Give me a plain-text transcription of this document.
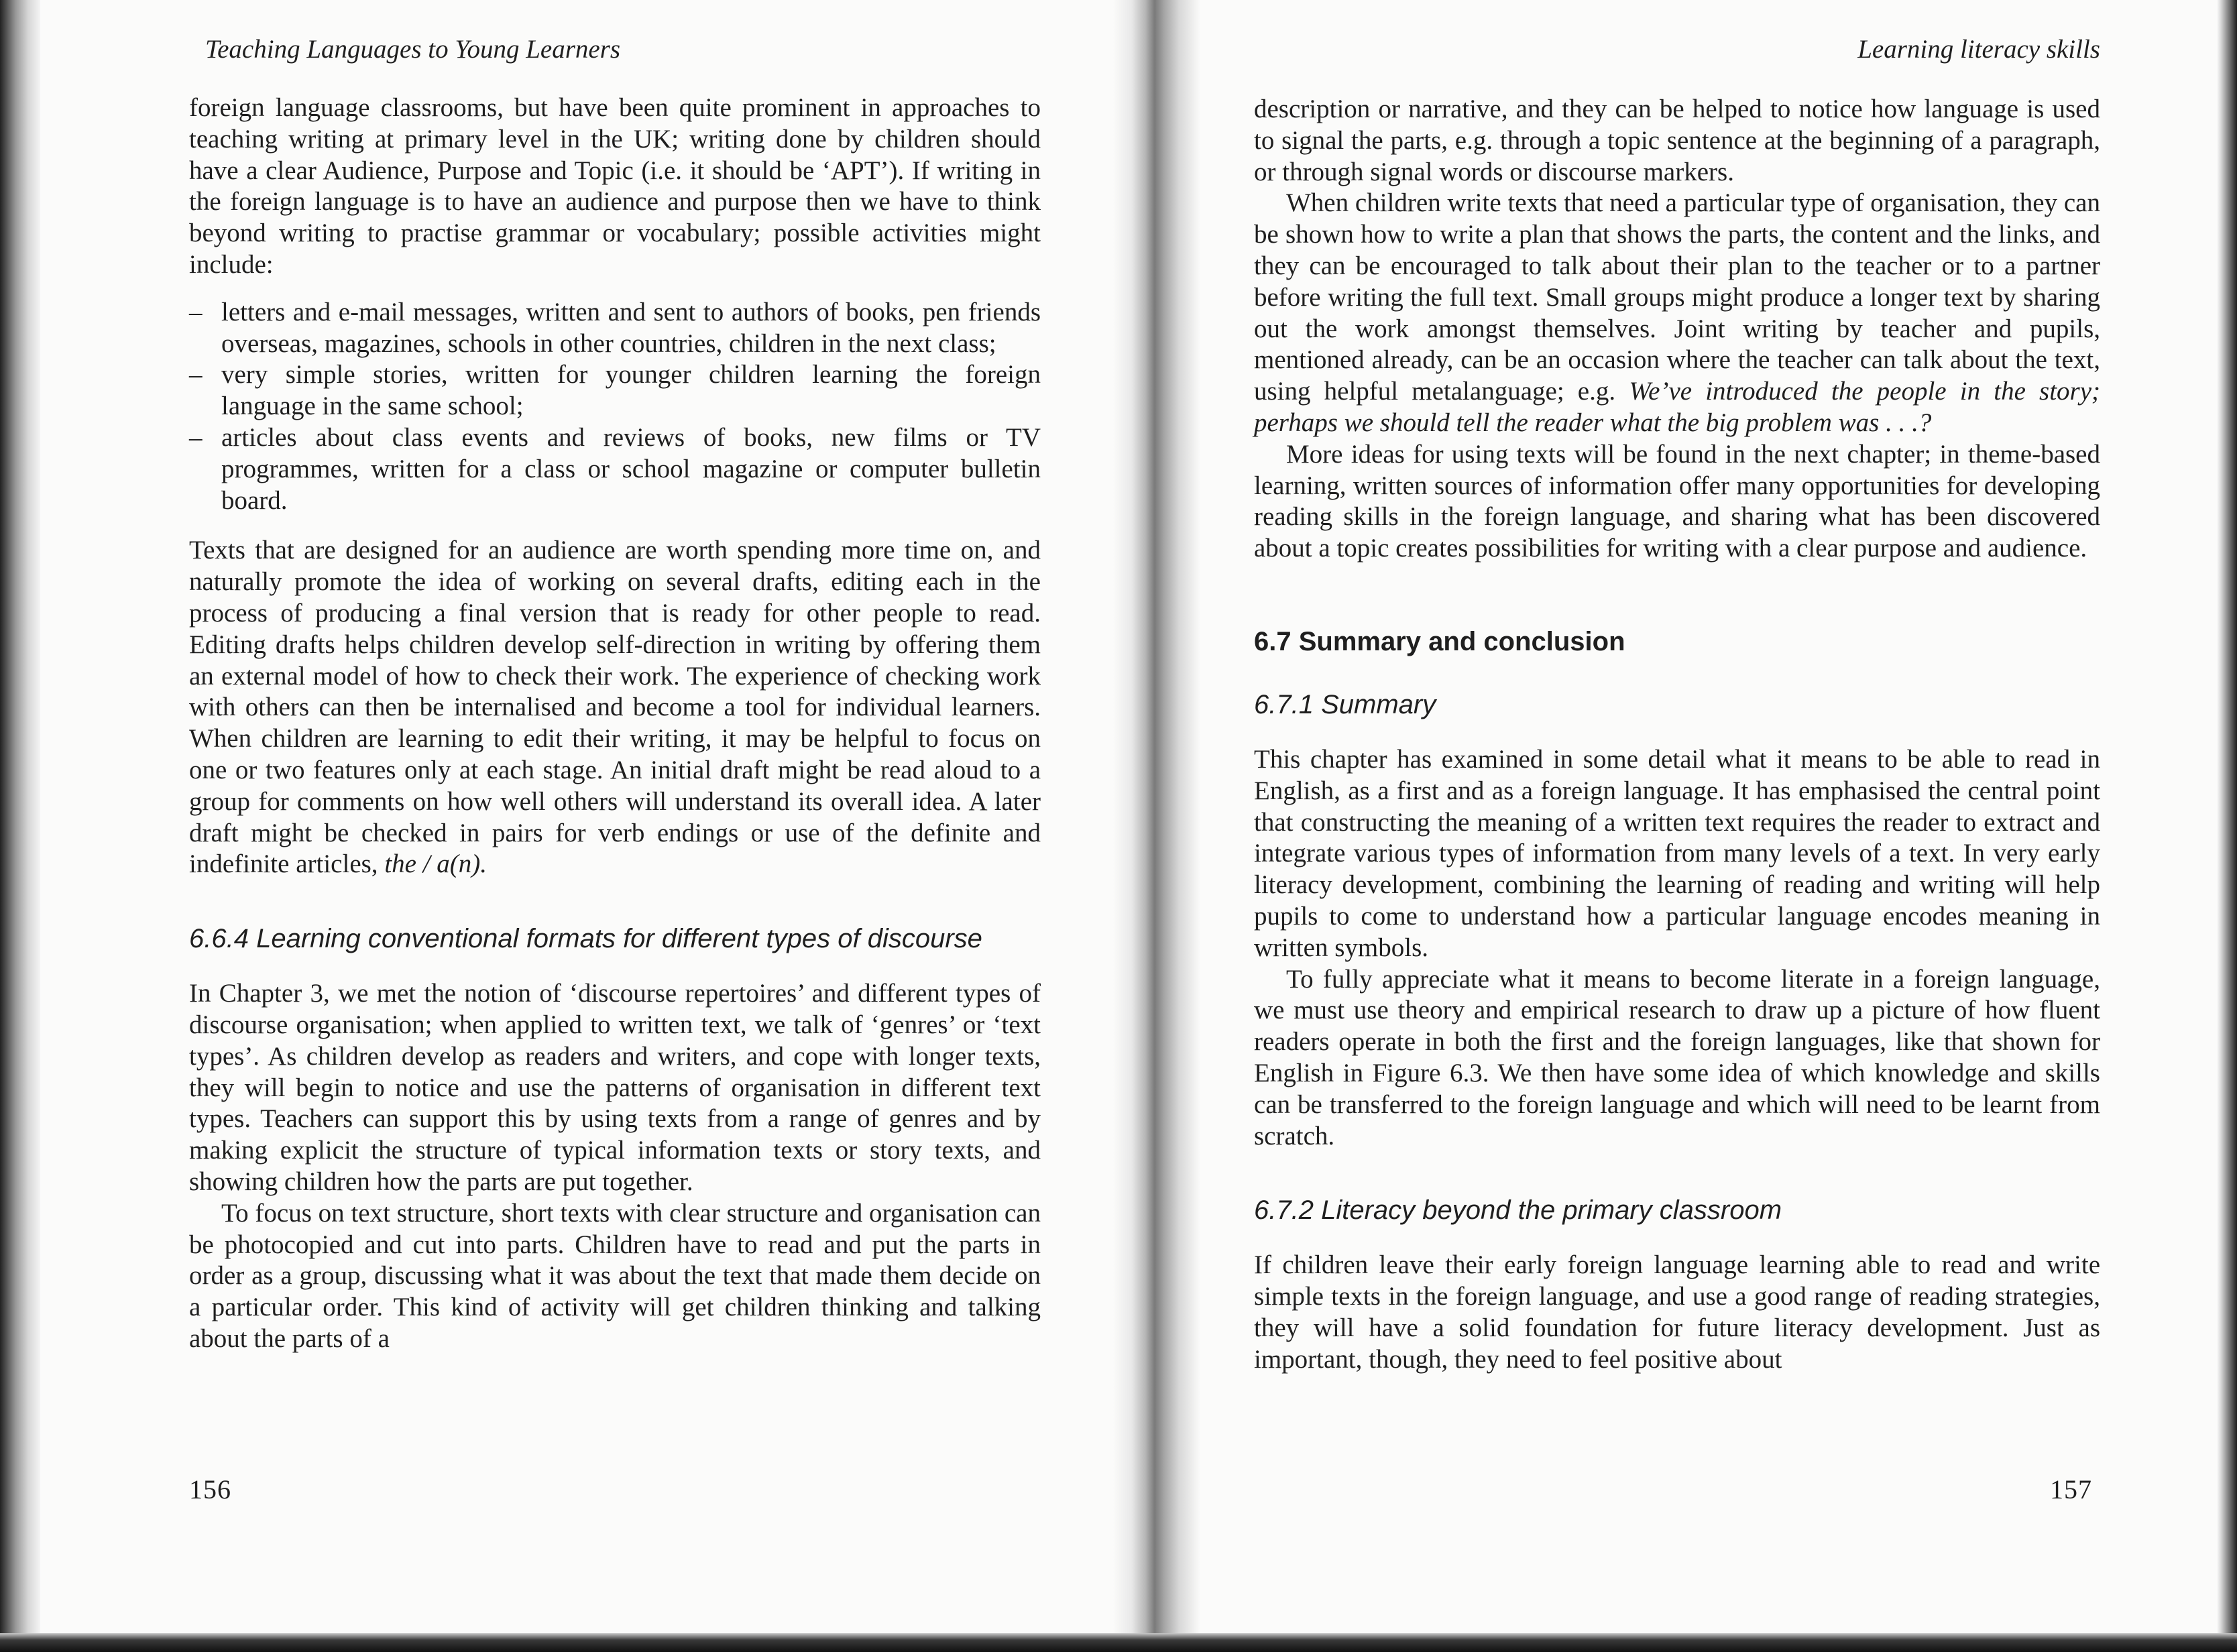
Teaching Languages to Young Learners

foreign language classrooms, but have been quite prominent in approaches to teaching writing at primary level in the UK; writing done by children should have a clear Audience, Purpose and Topic (i.e. it should be ‘APT’). If writing in the foreign language is to have an audience and purpose then we have to think beyond writing to practise grammar or vocabulary; possible activities might include:

– letters and e-mail messages, written and sent to authors of books, pen friends overseas, magazines, schools in other countries, children in the next class;
– very simple stories, written for younger children learning the foreign language in the same school;
– articles about class events and reviews of books, new films or TV programmes, written for a class or school magazine or computer bulletin board.

Texts that are designed for an audience are worth spending more time on, and naturally promote the idea of working on several drafts, editing each in the process of producing a final version that is ready for other people to read. Editing drafts helps children develop self-direction in writing by offering them an external model of how to check their work. The experience of checking work with others can then be internalised and become a tool for individual learners. When children are learning to edit their writing, it may be helpful to focus on one or two features only at each stage. An initial draft might be read aloud to a group for comments on how well others will understand its overall idea. A later draft might be checked in pairs for verb endings or use of the definite and indefinite articles, the / a(n).

6.6.4 Learning conventional formats for different types of discourse

In Chapter 3, we met the notion of ‘discourse repertoires’ and different types of discourse organisation; when applied to written text, we talk of ‘genres’ or ‘text types’. As children develop as readers and writers, and cope with longer texts, they will begin to notice and use the patterns of organisation in different text types. Teachers can support this by using texts from a range of genres and by making explicit the structure of typical information texts or story texts, and showing children how the parts are put together.

To focus on text structure, short texts with clear structure and organisation can be photocopied and cut into parts. Children have to read and put the parts in order as a group, discussing what it was about the text that made them decide on a particular order. This kind of activity will get children thinking and talking about the parts of a

156
Learning literacy skills

description or narrative, and they can be helped to notice how language is used to signal the parts, e.g. through a topic sentence at the beginning of a paragraph, or through signal words or discourse markers.

When children write texts that need a particular type of organisation, they can be shown how to write a plan that shows the parts, the content and the links, and they can be encouraged to talk about their plan to the teacher or to a partner before writing the full text. Small groups might produce a longer text by sharing out the work amongst themselves. Joint writing by teacher and pupils, mentioned already, can be an occasion where the teacher can talk about the text, using helpful metalanguage; e.g. We’ve introduced the people in the story; perhaps we should tell the reader what the big problem was . . .?

More ideas for using texts will be found in the next chapter; in theme-based learning, written sources of information offer many opportunities for developing reading skills in the foreign language, and sharing what has been discovered about a topic creates possibilities for writing with a clear purpose and audience.

6.7 Summary and conclusion
6.7.1 Summary

This chapter has examined in some detail what it means to be able to read in English, as a first and as a foreign language. It has emphasised the central point that constructing the meaning of a written text requires the reader to extract and integrate various types of information from many levels of a text. In very early literacy development, combining the learning of reading and writing will help pupils to come to understand how a particular language encodes meaning in written symbols.

To fully appreciate what it means to become literate in a foreign language, we must use theory and empirical research to draw up a picture of how fluent readers operate in both the first and the foreign languages, like that shown for English in Figure 6.3. We then have some idea of which knowledge and skills can be transferred to the foreign language and which will need to be learnt from scratch.

6.7.2 Literacy beyond the primary classroom

If children leave their early foreign language learning able to read and write simple texts in the foreign language, and use a good range of reading strategies, they will have a solid foundation for future literacy development. Just as important, though, they need to feel positive about

157
